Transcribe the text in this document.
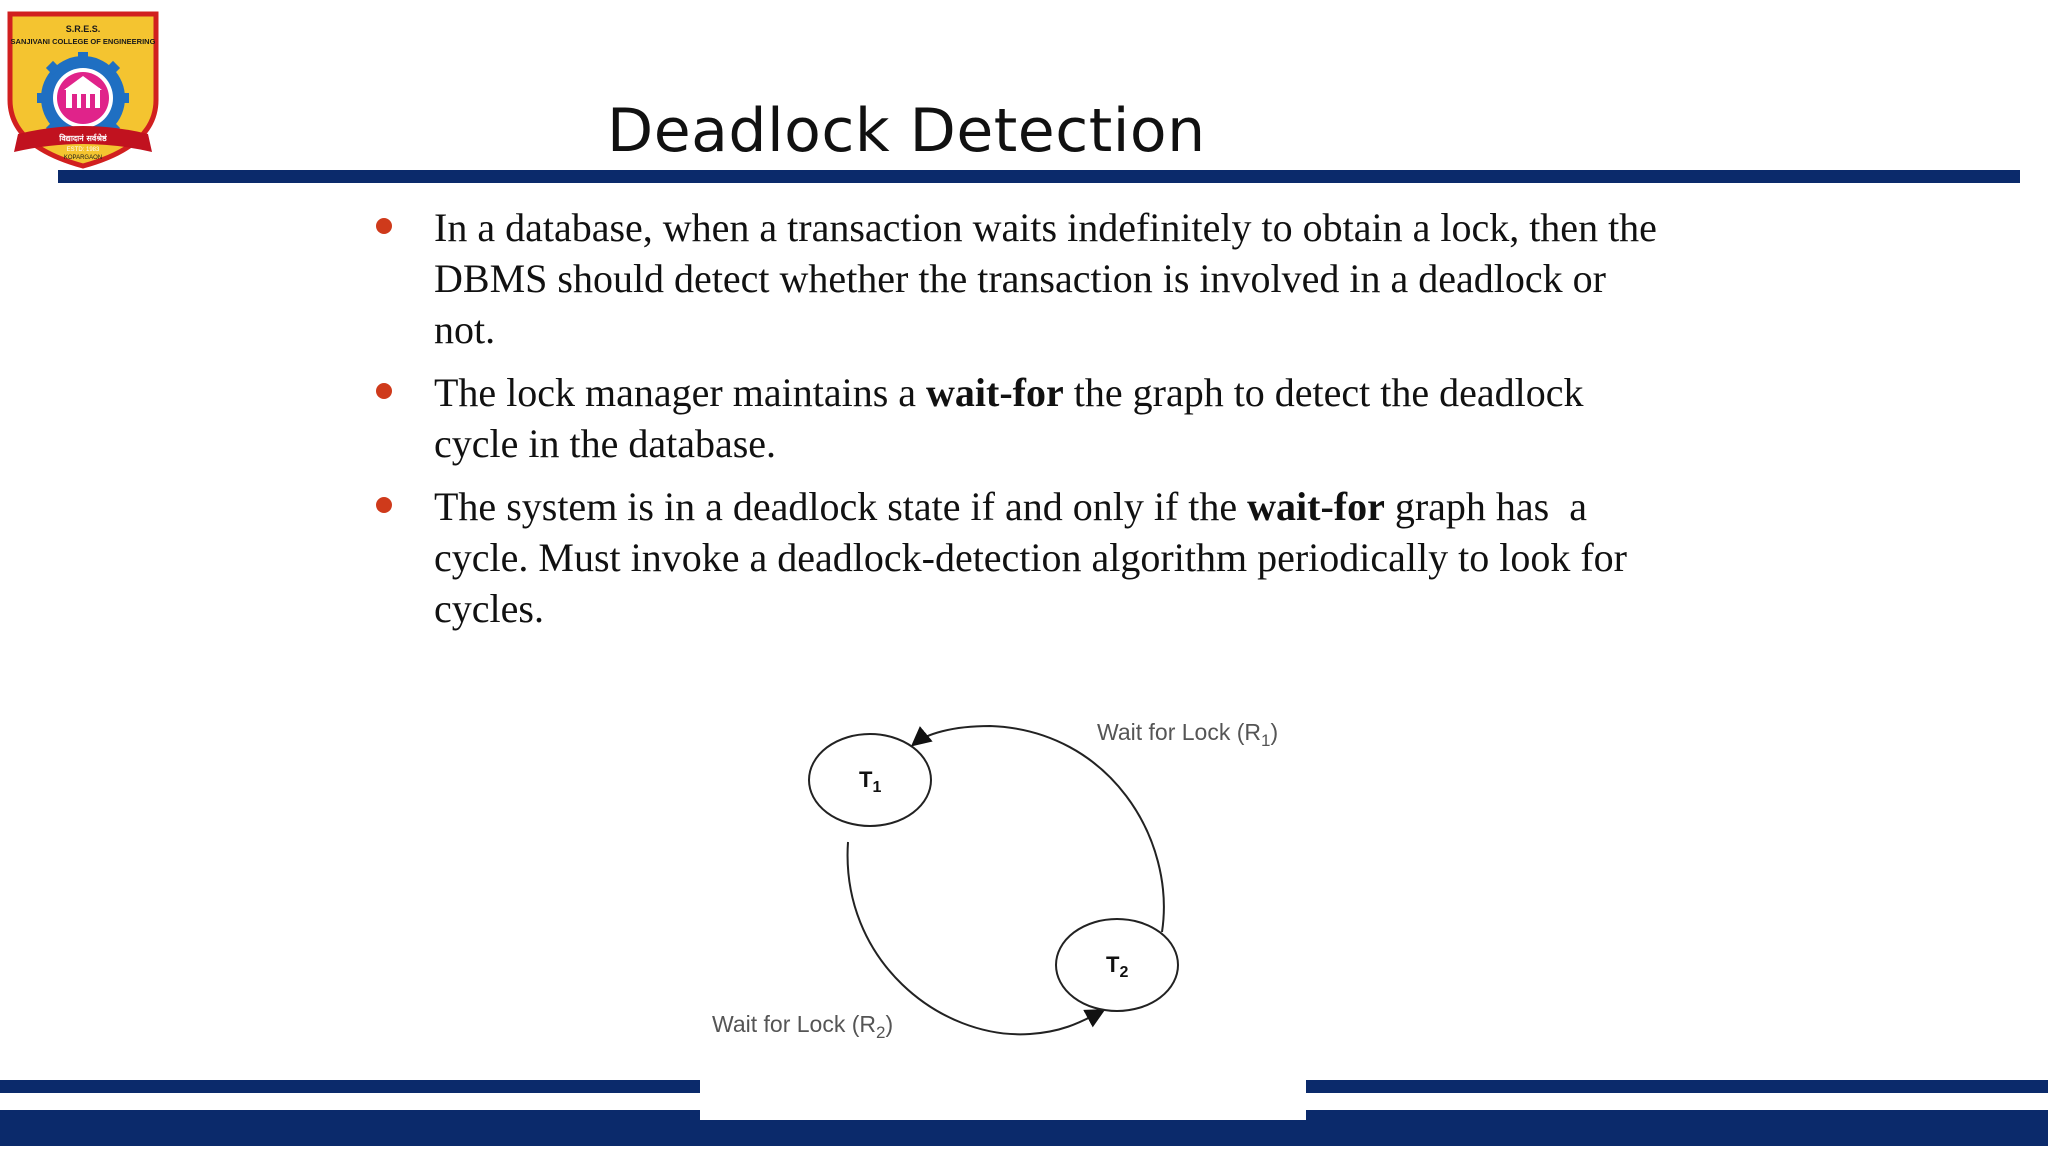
S.R.E.S.
SANJIVANI COLLEGE OF ENGINEERING
विद्यादानं सर्वश्रेष्ठं
ESTD: 1983
KOPARGAON	Deadlock Detection
In a database, when a transaction waits indefinitely to obtain a lock, then the DBMS should detect whether the transaction is involved in a deadlock or not.
The lock manager maintains a wait-for the graph to detect the deadlock cycle in the database.
The system is in a deadlock state if and only if the wait-for graph has  a cycle. Must invoke a deadlock-detection algorithm periodically to look for cycles.
$T_1$
$T_2$
Wait for Lock $(R_1)$
Wait for Lock $(R_2)$
